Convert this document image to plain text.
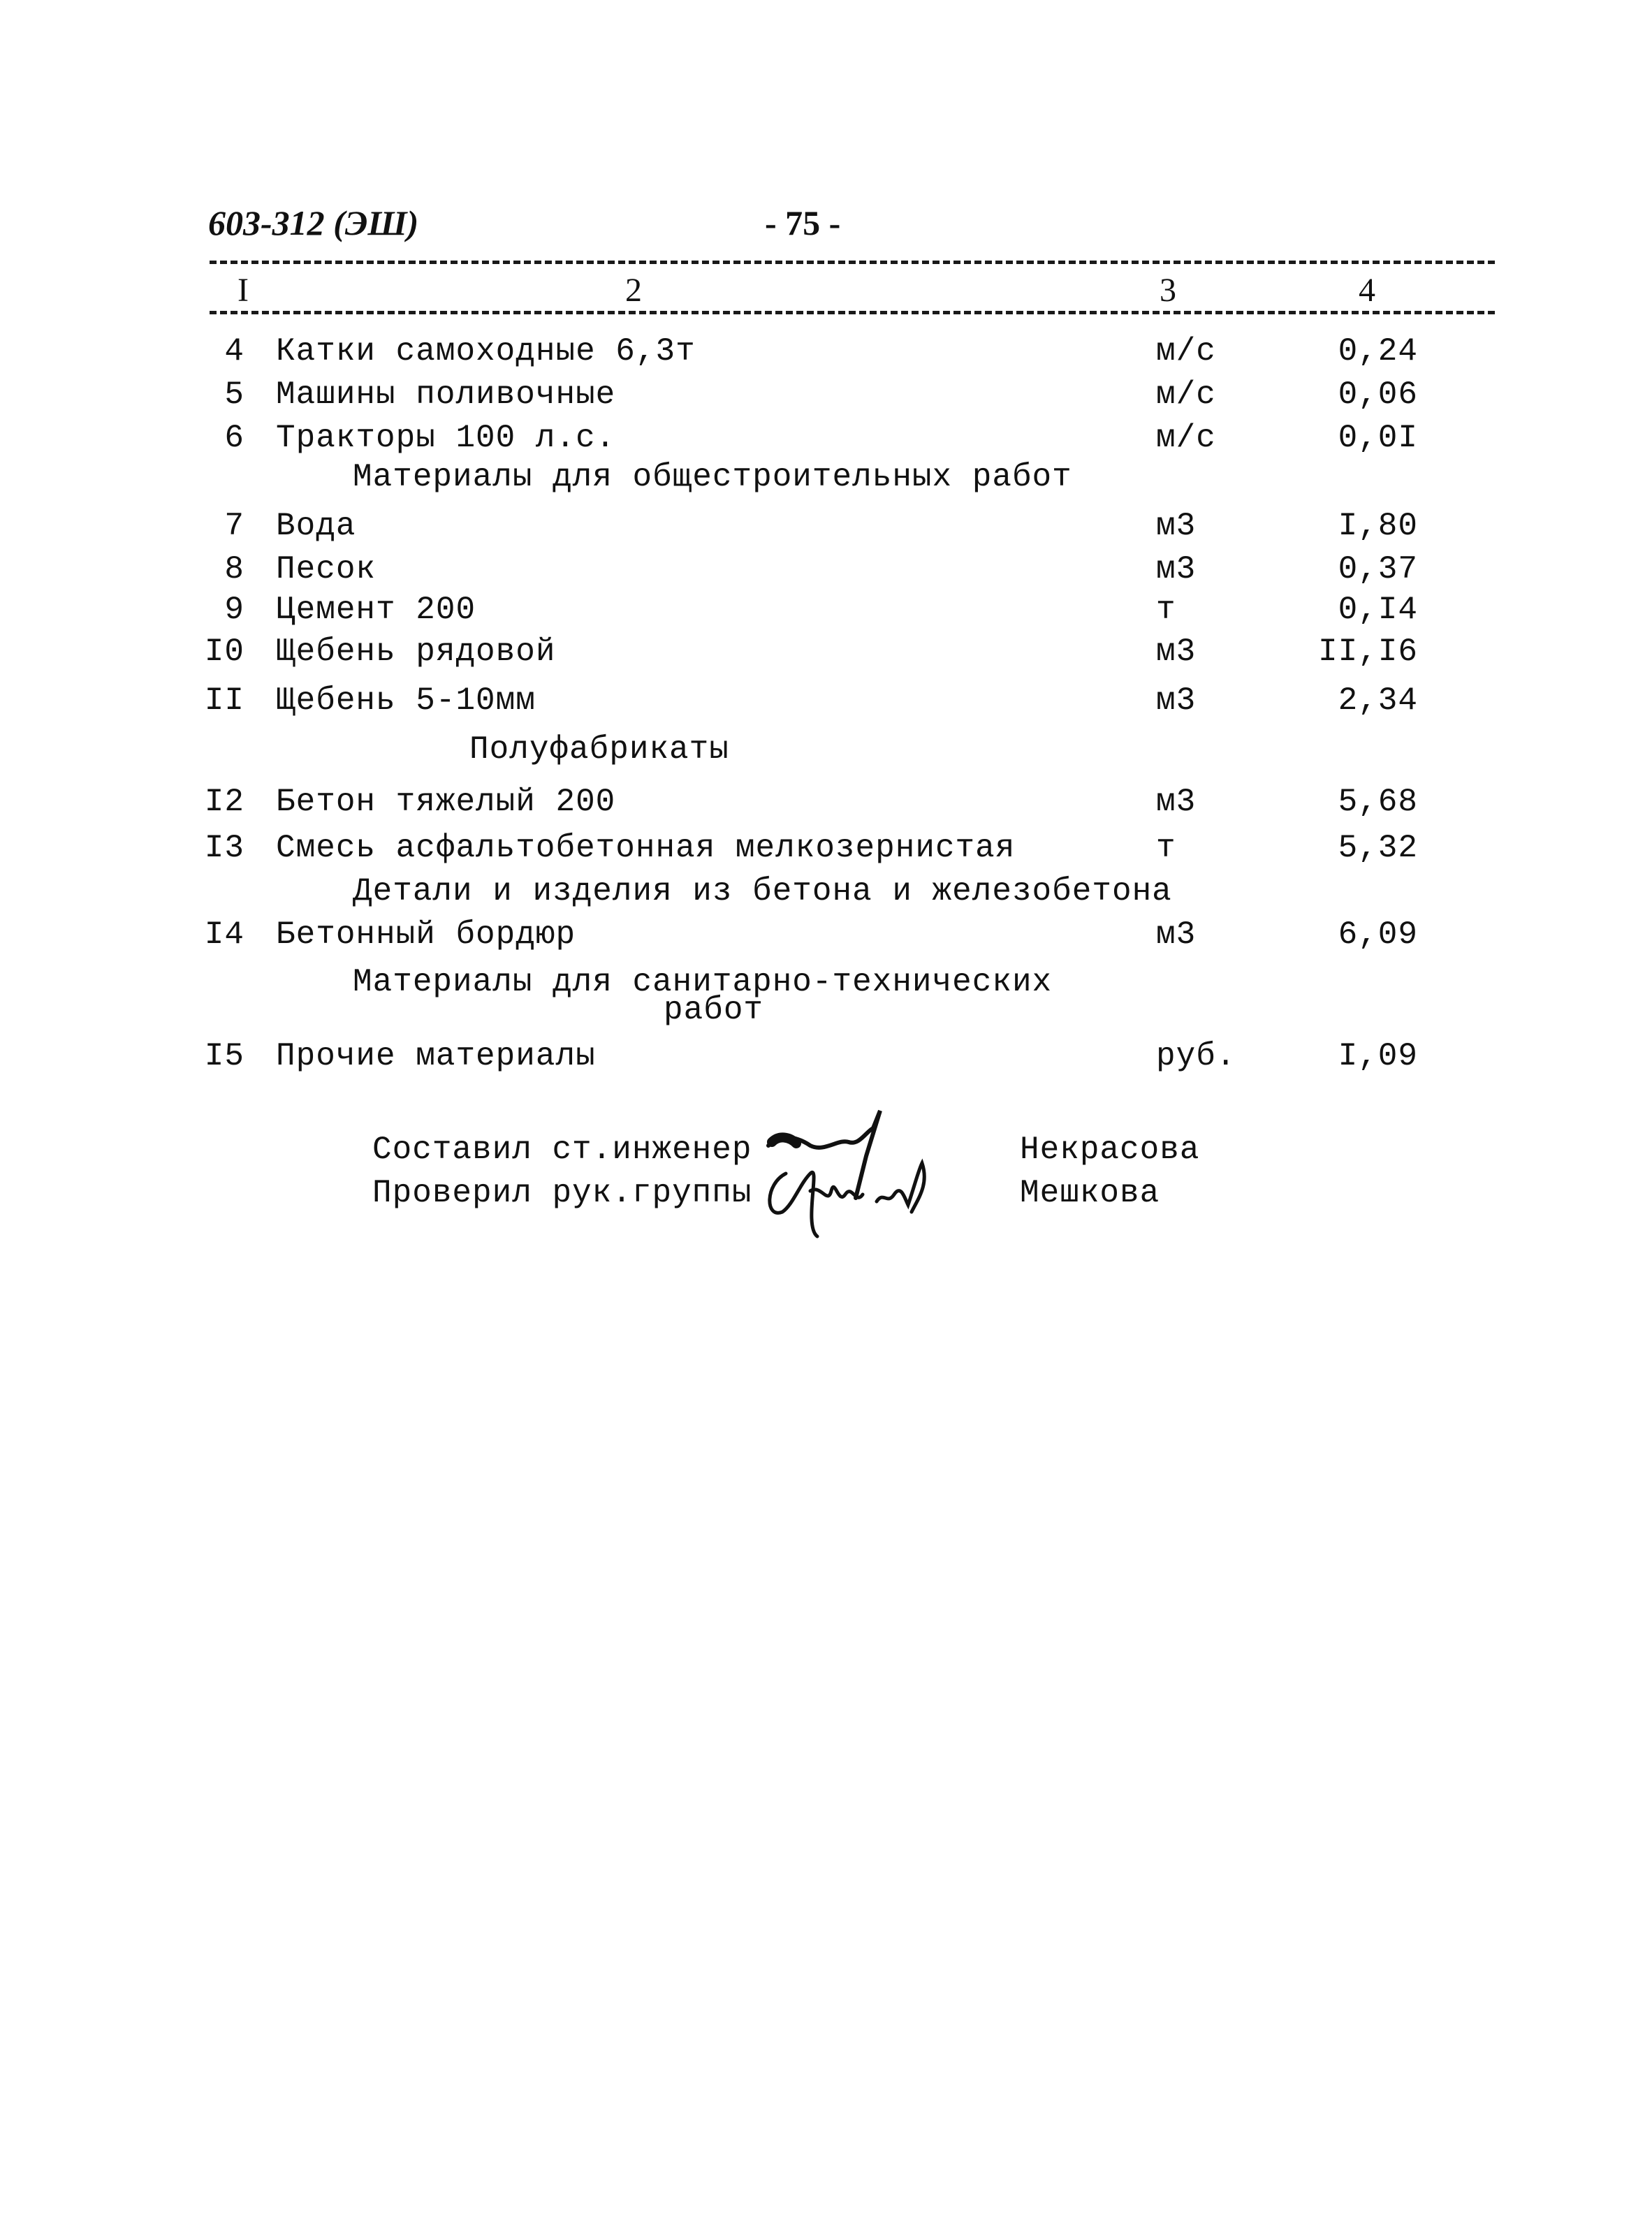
603-312 (ЭШ)	- 75 -
I	2	3	4
4 Катки самоходные 6,3т	м/с	0,24
5 Машины поливочные	м/с	0,06
6 Тракторы 100 л.с.	м/с	0,0I
Материалы для общестроительных работ
7 Вода	м3	I,80
8 Песок	м3	0,37
9 Цемент 200	т	0,I4
I0 Щебень рядовой	м3	II,I6
II Щебень 5-10мм	м3	2,34
Полуфабрикаты
I2 Бетон тяжелый 200	м3	5,68
I3 Смесь асфальтобетонная мелкозернистая	т	5,32
Детали и изделия из бетона и железобетона
I4 Бетонный бордюр	м3	6,09
Материалы для санитарно-технических
работ
I5 Прочие материалы	руб.	I,09
Составил ст.инженер	Некрасова
Проверил рук.группы	Мешкова
